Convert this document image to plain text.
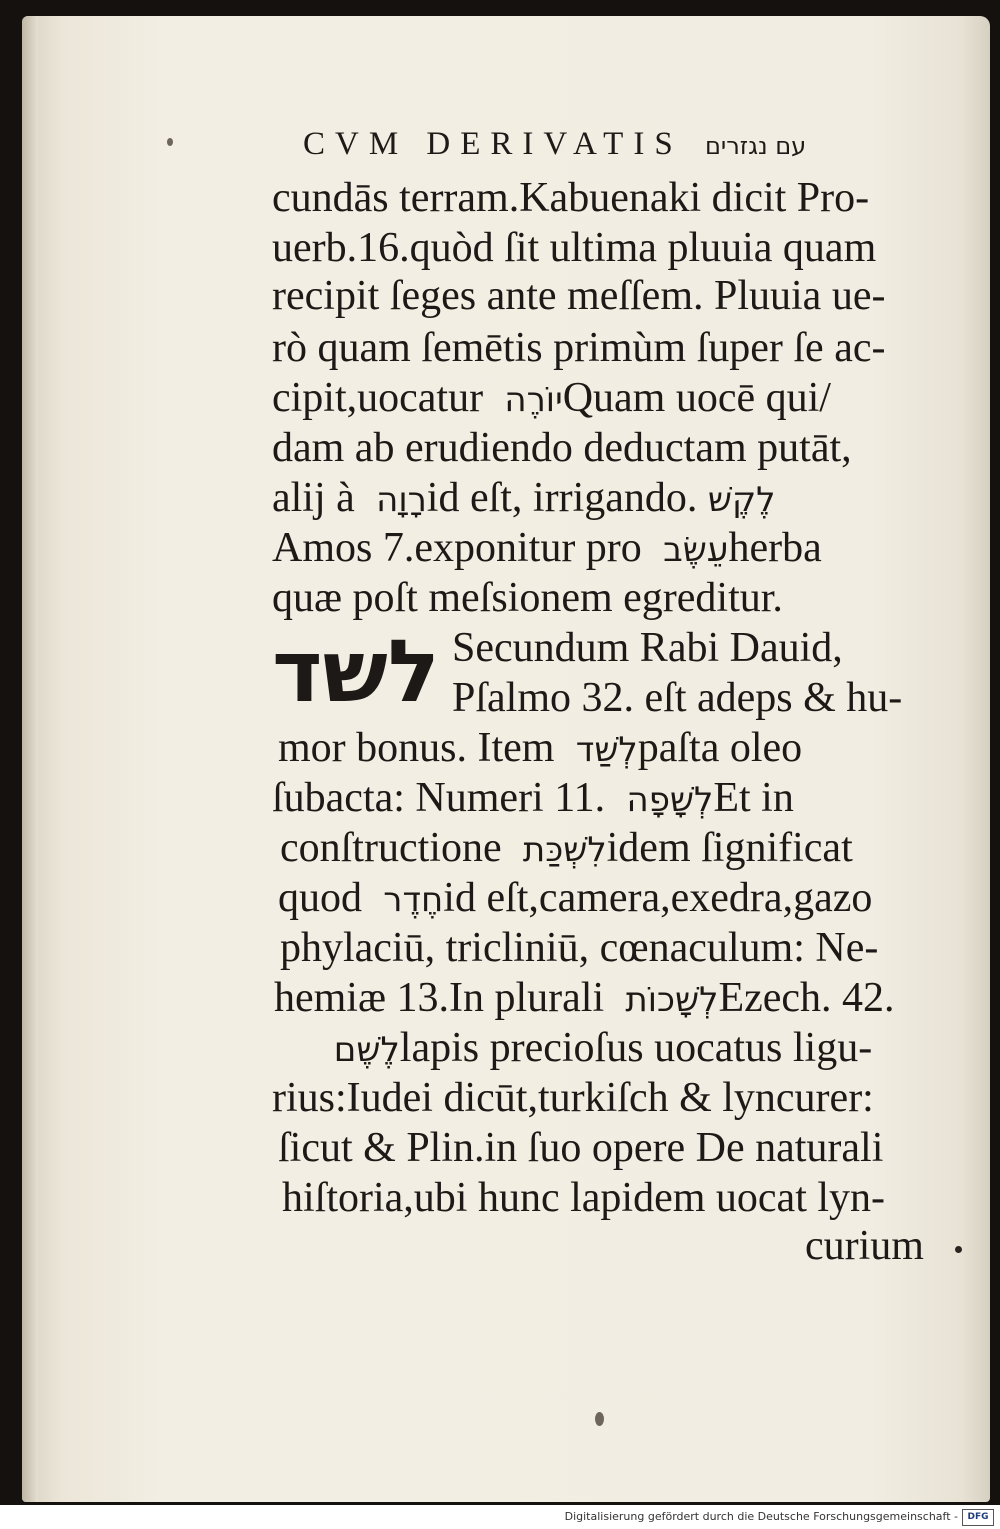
CVM DERIVATIS עם נגזרים
cundās terram.Kabuenaki dicit Pro-
uerb.16.quòd ſit ultima pluuia quam
recipit ſeges ante meſſem. Pluuia ue-
rò quam ſemētis primùm ſuper ſe ac-
cipit,uocatur יוֹרֶה Quam uocē qui/
dam ab erudiendo deductam putāt,
alij à רָוָה id eſt, irrigando. לֶקֶשׁ
Amos 7.exponitur pro עֵשֶׂב herba
quæ poſt meſsionem egreditur.
Secundum Rabi Dauid,
Pſalmo 32. eſt adeps & hu-
mor bonus. Item לְשַׁד paſta oleo
ſubacta: Numeri 11. לְשָׁפָה Et in
conſtructione לִשְׁכַּת idem ſignificat
quod חֶדֶר id eſt,camera,exedra,gazo
phylaciū, tricliniū, cœnaculum: Ne-
hemiæ 13.In plurali לְשָׁכוֹת Ezech. 42.
לֶשֶׁם lapis precioſus uocatus ligu-
rius:Iudei dicūt,turkiſch & lyncurer:
ſicut & Plin.in ſuo opere De naturali
hiſtoria,ubi hunc lapidem uocat lyn-
לשד
curium
Digitalisierung gefördert durch die Deutsche Forschungsgemeinschaft -	DFG
